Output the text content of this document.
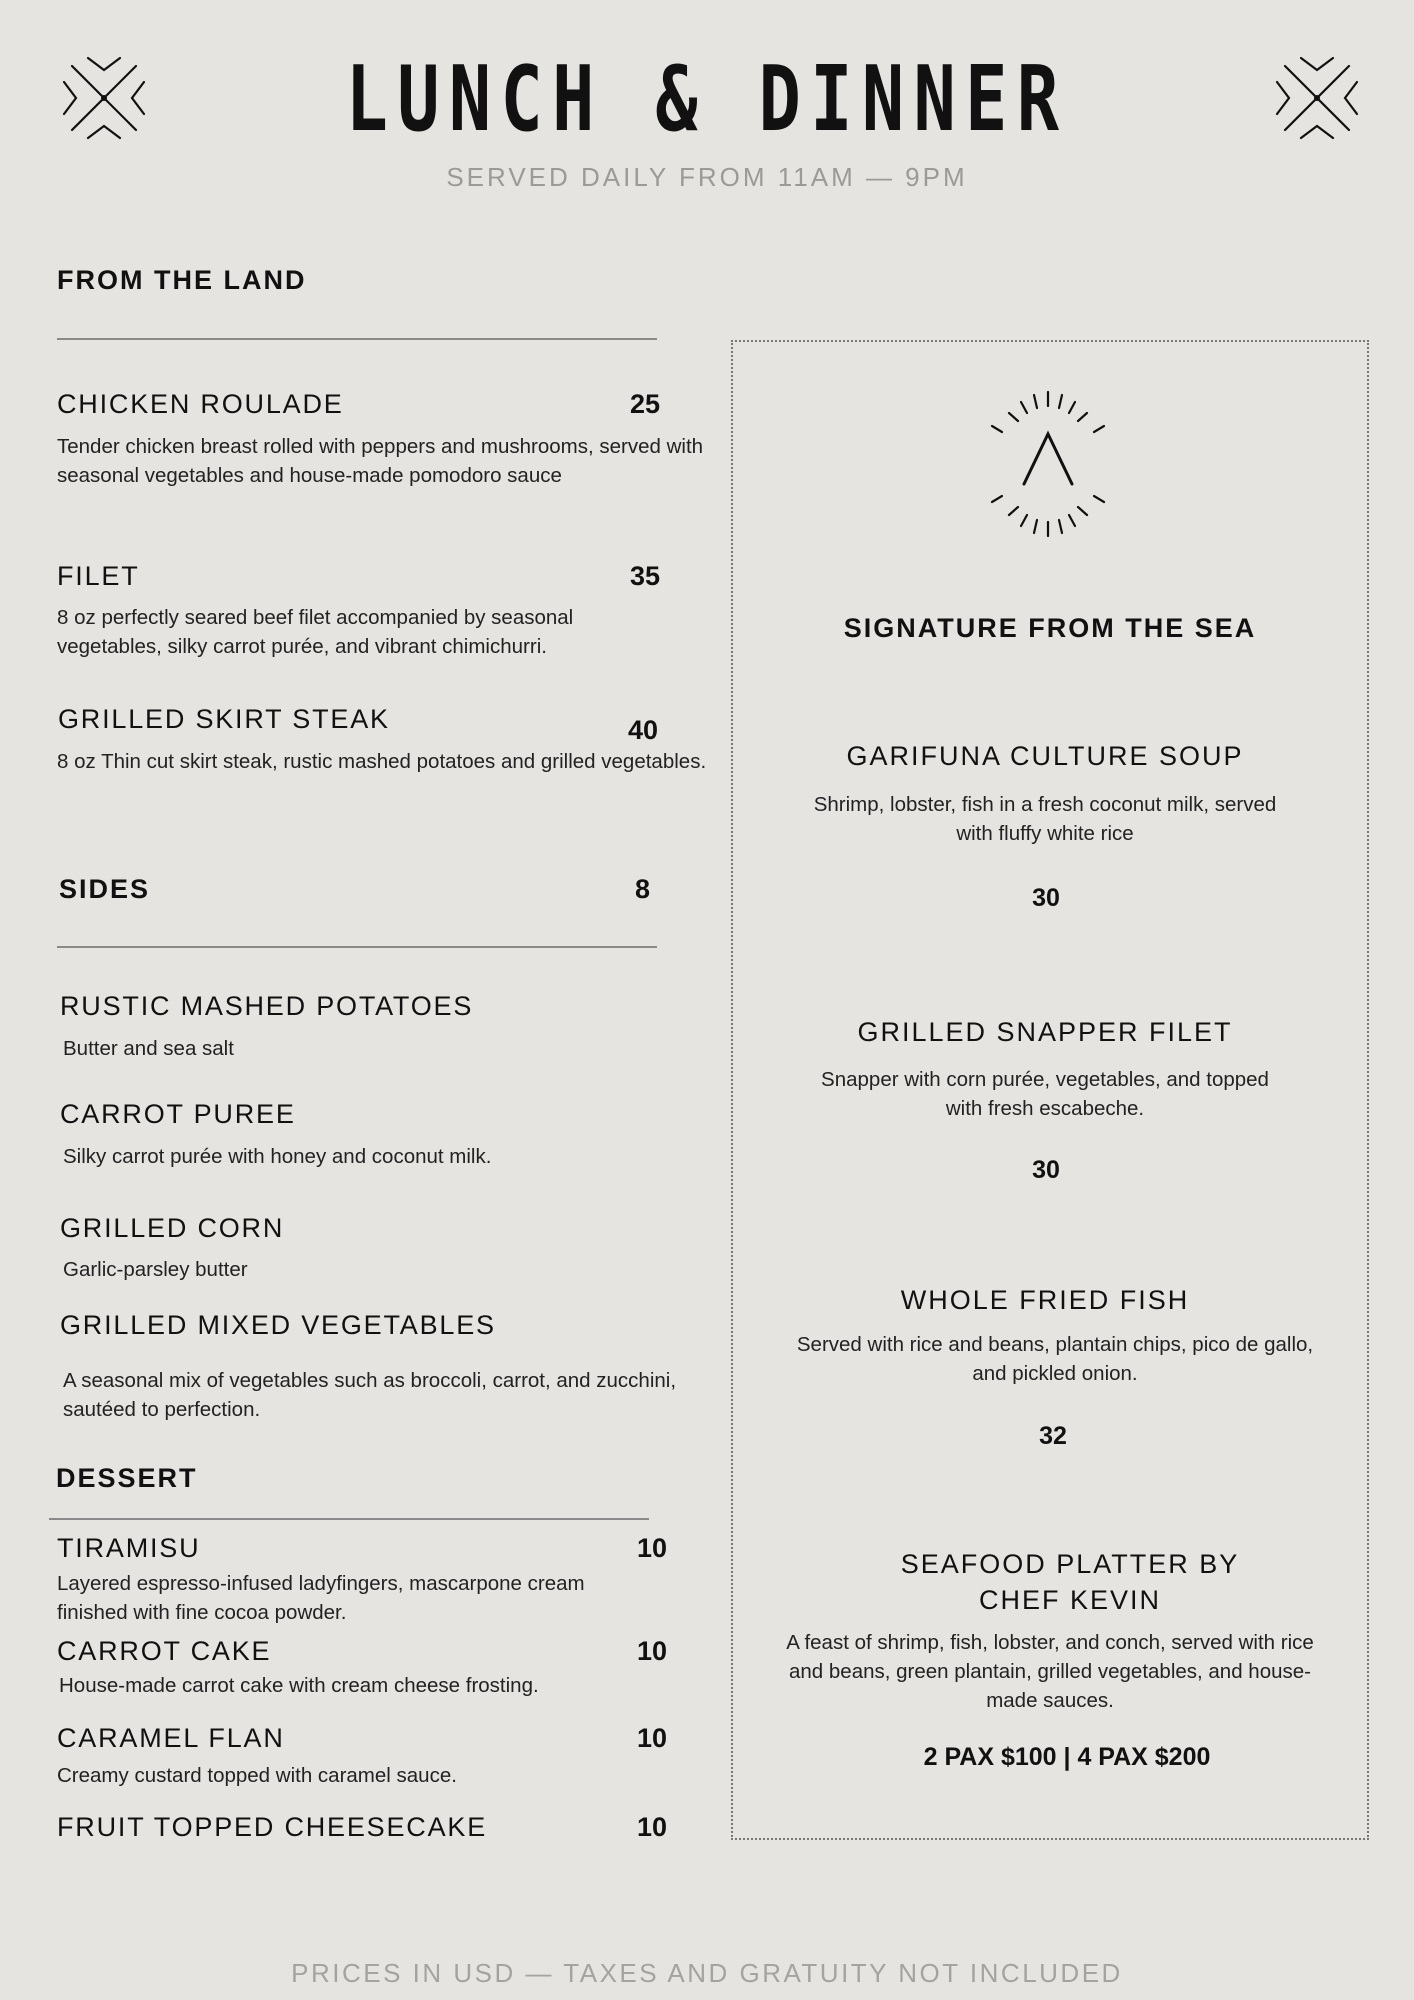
LUNCH & DINNER
SERVED DAILY FROM 11AM — 9PM
FROM THE LAND
CHICKEN ROULADE	25
Tender chicken breast rolled with peppers and mushrooms, served with seasonal vegetables and house-made pomodoro sauce
FILET	35
8 oz perfectly seared beef filet accompanied by seasonal vegetables, silky carrot purée, and vibrant chimichurri.
GRILLED SKIRT STEAK	40
8 oz Thin cut skirt steak, rustic mashed potatoes and grilled vegetables.
SIDES	8
RUSTIC MASHED POTATOES
Butter and sea salt
CARROT PUREE
Silky carrot purée with honey and coconut milk.
GRILLED CORN
Garlic-parsley butter
GRILLED MIXED VEGETABLES
A seasonal mix of vegetables such as broccoli, carrot, and zucchini, sautéed to perfection.
DESSERT
TIRAMISU	10
Layered espresso-infused ladyfingers, mascarpone cream finished with fine cocoa powder.
CARROT CAKE	10
House-made carrot cake with cream cheese frosting.
CARAMEL FLAN	10
Creamy custard topped with caramel sauce.
FRUIT TOPPED CHEESECAKE	10
SIGNATURE FROM THE SEA
GARIFUNA CULTURE SOUP
Shrimp, lobster, fish in a fresh coconut milk, served with fluffy white rice
30
GRILLED SNAPPER FILET
Snapper with corn purée, vegetables, and topped with fresh escabeche.
30
WHOLE FRIED FISH
Served with rice and beans, plantain chips, pico de gallo, and pickled onion.
32
SEAFOOD PLATTER BY CHEF KEVIN
A feast of shrimp, fish, lobster, and conch, served with rice and beans, green plantain, grilled vegetables, and house-made sauces.
2 PAX $100 | 4 PAX $200
PRICES IN USD — TAXES AND GRATUITY NOT INCLUDED
